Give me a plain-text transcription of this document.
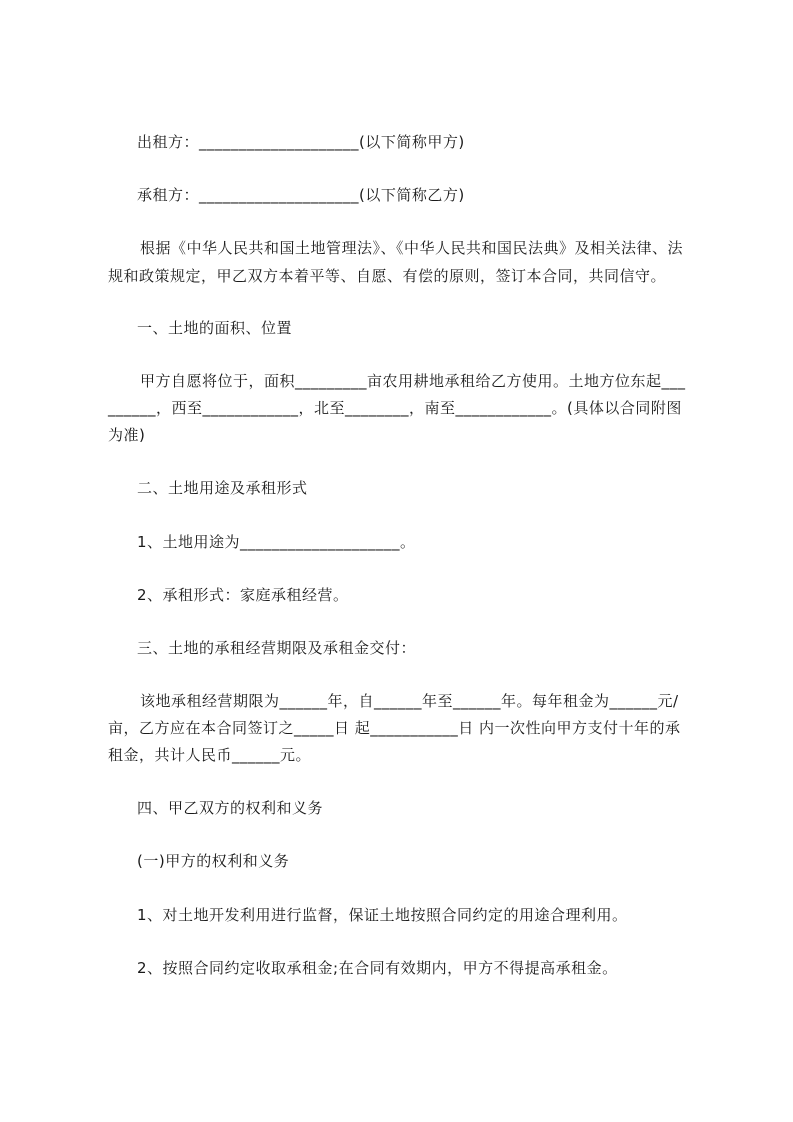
出租方：____________________(以下简称甲方)

承租方：____________________(以下简称乙方)

根据《中华人民共和国土地管理法》、《中华人民共和国民法典》及相关法律、法

规和政策规定，甲乙双方本着平等、自愿、有偿的原则，签订本合同，共同信守。

一、土地的面积、位置

甲方自愿将位于，面积_________亩农用耕地承租给乙方使用。土地方位东起___

______，西至____________，北至________，南至____________。(具体以合同附图

为准)

二、土地用途及承租形式

1、土地用途为____________________。

2、承租形式：家庭承租经营。

三、土地的承租经营期限及承租金交付：

该地承租经营期限为______年，自______年至______年。每年租金为______元/

亩，乙方应在本合同签订之_____日 起___________日 内一次性向甲方支付十年的承

租金，共计人民币______元。

四、甲乙双方的权利和义务

(一)甲方的权利和义务

1、对土地开发利用进行监督，保证土地按照合同约定的用途合理利用。

2、按照合同约定收取承租金;在合同有效期内，甲方不得提高承租金。
